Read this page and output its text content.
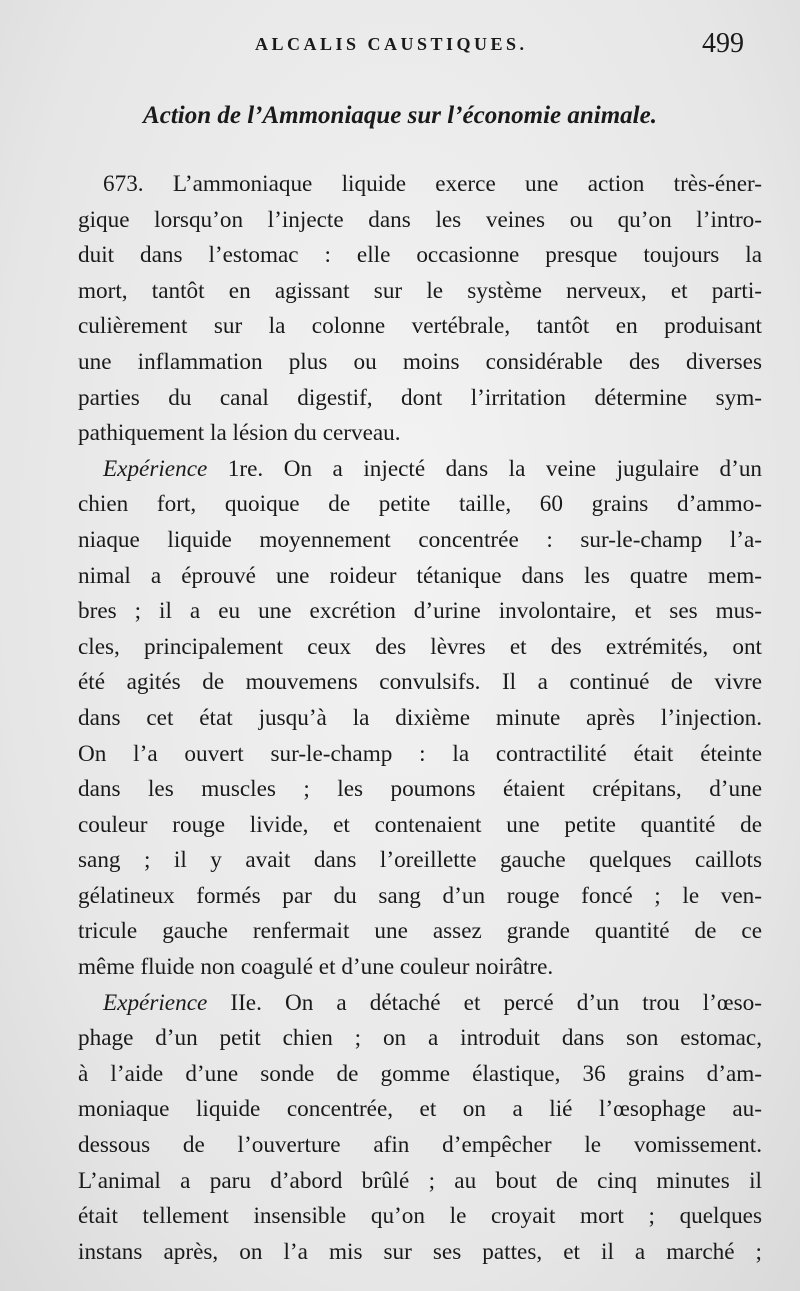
ALCALIS CAUSTIQUES.	499
Action de l’Ammoniaque sur l’économie animale.
673. L’ammoniaque liquide exerce une action très-éner-
gique lorsqu’on l’injecte dans les veines ou qu’on l’intro-
duit dans l’estomac : elle occasionne presque toujours la
mort, tantôt en agissant sur le système nerveux, et parti-
culièrement sur la colonne vertébrale, tantôt en produisant
une inflammation plus ou moins considérable des diverses
parties du canal digestif, dont l’irritation détermine sym-
pathiquement la lésion du cerveau.
Expérience 1re. On a injecté dans la veine jugulaire d’un
chien fort, quoique de petite taille, 60 grains d’ammo-
niaque liquide moyennement concentrée : sur-le-champ l’a-
nimal a éprouvé une roideur tétanique dans les quatre mem-
bres ; il a eu une excrétion d’urine involontaire, et ses mus-
cles, principalement ceux des lèvres et des extrémités, ont
été agités de mouvemens convulsifs. Il a continué de vivre
dans cet état jusqu’à la dixième minute après l’injection.
On l’a ouvert sur-le-champ : la contractilité était éteinte
dans les muscles ; les poumons étaient crépitans, d’une
couleur rouge livide, et contenaient une petite quantité de
sang ; il y avait dans l’oreillette gauche quelques caillots
gélatineux formés par du sang d’un rouge foncé ; le ven-
tricule gauche renfermait une assez grande quantité de ce
même fluide non coagulé et d’une couleur noirâtre.
Expérience IIe. On a détaché et percé d’un trou l’œso-
phage d’un petit chien ; on a introduit dans son estomac,
à l’aide d’une sonde de gomme élastique, 36 grains d’am-
moniaque liquide concentrée, et on a lié l’œsophage au-
dessous de l’ouverture afin d’empêcher le vomissement.
L’animal a paru d’abord brûlé ; au bout de cinq minutes il
était tellement insensible qu’on le croyait mort ; quelques
instans après, on l’a mis sur ses pattes, et il a marché ;
